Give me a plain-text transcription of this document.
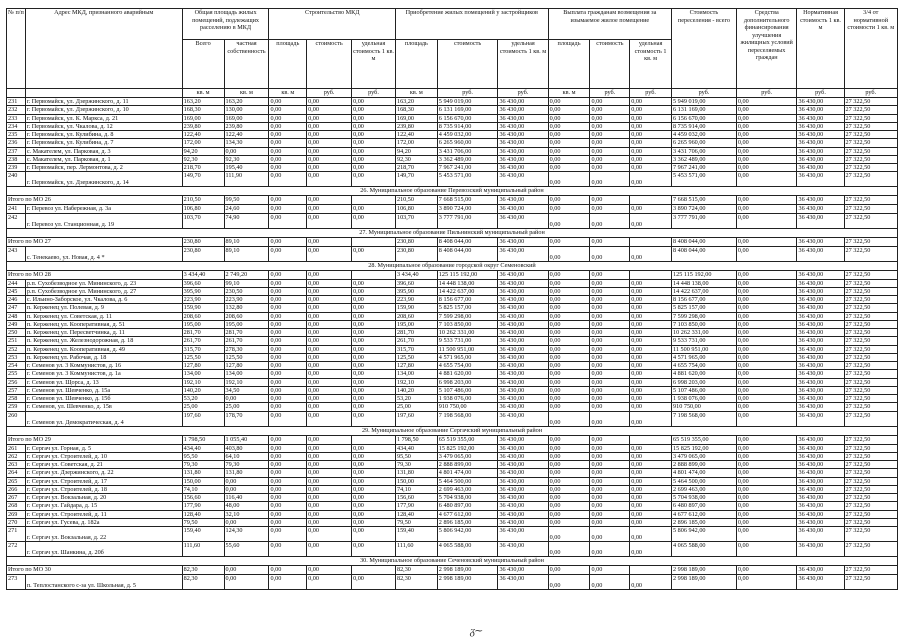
№ п/п	Адрес МКД, признанного аварийным	Общая площадь жилых помещений, подлежащих расселению в МКД		Строительство МКД			Приобретение жилых помещений у застройщиков			Выплата гражданам возмещения за изымаемое жилое помещение			Стоимость переселения - всего	Средства дополнительного финансирования улучшения жилищных условий переселяемых граждан	Нормативная стоимость 1 кв. м	3/4 от нормативной стоимости 1 кв. м
		Всего	частная собственность	площадь	стоимость	удельная стоимость 1 кв. м	площадь	стоимость	удельная стоимость 1 кв. м	площадь	стоимость	удельная стоимость 1 кв. м				
		кв. м	кв. м	кв. м	руб.	руб.	кв. м	руб.	руб.	кв. м	руб.	руб.	руб.	руб.	руб.	руб.
231	г. Первомайск, ул. Дзержинского, д. 11	163,20	163,20	0,00	0,00	0,00	163,20	5 949 019,00	36 430,00	0,00	0,00	0,00	5 949 019,00	0,00	36 430,00	27 322,50
232	г. Первомайск, ул. Дзержинского, д. 10	168,30	130,00	0,00	0,00	0,00	168,30	6 131 169,00	36 430,00	0,00	0,00	0,00	6 131 169,00	0,00	36 430,00	27 322,50
233	г. Первомайск, ул. К. Маркса, д. 21	169,00	169,00	0,00	0,00	0,00	169,00	6 156 670,00	36 430,00	0,00	0,00	0,00	6 156 670,00	0,00	36 430,00	27 322,50
234	г. Первомайск, ул. Чкалова, д. 12	239,80	239,80	0,00	0,00	0,00	239,80	8 735 914,00	36 430,00	0,00	0,00	0,00	8 735 914,00	0,00	36 430,00	27 322,50
235	г. Первомайск, ул. Кулибина, д. 8	122,40	122,40	0,00	0,00	0,00	122,40	4 459 032,00	36 430,00	0,00	0,00	0,00	4 459 032,00	0,00	36 430,00	27 322,50
236	г. Первомайск, ул. Кулибина, д. 7	172,00	134,30	0,00	0,00	0,00	172,00	6 265 960,00	36 430,00	0,00	0,00	0,00	6 265 960,00	0,00	36 430,00	27 322,50
237	с. Макателем, ул. Парковая, д. 3	94,20	0,00	0,00	0,00	0,00	94,20	3 431 706,00	36 430,00	0,00	0,00	0,00	3 431 706,00	0,00	36 430,00	27 322,50
238	с. Макателем, ул. Парковая, д. 1	92,30	92,30	0,00	0,00	0,00	92,30	3 362 489,00	36 430,00	0,00	0,00	0,00	3 362 489,00	0,00	36 430,00	27 322,50
239	г. Первомайск, пер. Лермонтова, д. 2	218,70	195,40	0,00	0,00	0,00	218,70	7 967 241,00	36 430,00	0,00	0,00	0,00	7 967 241,00	0,00	36 430,00	27 322,50
240	г. Первомайск, ул. Дзержинского, д. 14	149,70	111,90	0,00	0,00	0,00	149,70	5 453 571,00	36 430,00	0,00	0,00	0,00	5 453 571,00	0,00	36 430,00	27 322,50
26. Муниципальное образование Перевозский муниципальный район																
Итого по МО 26		210,50	99,50	0,00	0,00		210,50	7 668 515,00	36 430,00	0,00	0,00		7 668 515,00	0,00	36 430,00	27 322,50
241	г. Перевоз ул. Набережная, д. 3а	106,80	24,60	0,00	0,00	0,00	106,80	3 890 724,00	36 430,00	0,00	0,00	0,00	3 890 724,00	0,00	36 430,00	27 322,50
242	г. Перевоз ул. Станционная, д. 19	103,70	74,90	0,00	0,00	0,00	103,70	3 777 791,00	36 430,00	0,00	0,00	0,00	3 777 791,00	0,00	36 430,00	27 322,50
27. Муниципальное образование Пильнинский муниципальный район																
Итого по МО 27		230,80	89,10	0,00	0,00		230,80	8 408 044,00	36 430,00	0,00	0,00		8 408 044,00	0,00	36 430,00	27 322,50
243	с. Тенекаево, ул. Новая, д. 4 *	230,80	89,10	0,00	0,00	0,00	230,80	8 408 044,00	36 430,00	0,00	0,00	0,00	8 408 044,00	0,00	36 430,00	27 322,50
28. Муниципальное образование городской округ Семеновский																
Итого по МО 28		3 434,40	2 749,20	0,00	0,00		3 434,40	125 115 192,00	36 430,00	0,00	0,00		125 115 192,00	0,00	36 430,00	27 322,50
244	р.п. Сухобезводное ул. Мининского, д. 23	396,60	99,10	0,00	0,00	0,00	396,60	14 448 138,00	36 430,00	0,00	0,00	0,00	14 448 138,00	0,00	36 430,00	27 322,50
245	р.п. Сухобезводное ул. Мининского, д. 27	395,90	230,50	0,00	0,00	0,00	395,90	14 422 637,00	36 430,00	0,00	0,00	0,00	14 422 637,00	0,00	36 430,00	27 322,50
246	с. Ильино-Заборское, ул. Чкалова, д. 6	223,90	223,90	0,00	0,00	0,00	223,90	8 156 677,00	36 430,00	0,00	0,00	0,00	8 156 677,00	0,00	36 430,00	27 322,50
247	п. Керженец ул. Полевая, д. 9	159,90	132,80	0,00	0,00	0,00	159,90	5 825 157,00	36 430,00	0,00	0,00	0,00	5 825 157,00	0,00	36 430,00	27 322,50
248	п. Керженец ул. Советская, д. 11	208,60	208,60	0,00	0,00	0,00	208,60	7 599 298,00	36 430,00	0,00	0,00	0,00	7 599 298,00	0,00	36 430,00	27 322,50
249	п. Керженец ул. Кооперативная, д. 51	195,00	195,00	0,00	0,00	0,00	195,00	7 103 850,00	36 430,00	0,00	0,00	0,00	7 103 850,00	0,00	36 430,00	27 322,50
250	п. Керженец ул. Пересветчинка, д. 11	281,70	281,70	0,00	0,00	0,00	281,70	10 262 331,00	36 430,00	0,00	0,00	0,00	10 262 331,00	0,00	36 430,00	27 322,50
251	п. Керженец ул. Железнодорожная, д. 18	261,70	261,70	0,00	0,00	0,00	261,70	9 533 731,00	36 430,00	0,00	0,00	0,00	9 533 731,00	0,00	36 430,00	27 322,50
252	п. Керженец ул. Кооперативная, д. 49	315,70	278,30	0,00	0,00	0,00	315,70	11 500 951,00	36 430,00	0,00	0,00	0,00	11 500 951,00	0,00	36 430,00	27 322,50
253	п. Керженец ул. Рабочая, д. 18	125,50	125,50	0,00	0,00	0,00	125,50	4 571 965,00	36 430,00	0,00	0,00	0,00	4 571 965,00	0,00	36 430,00	27 322,50
254	г. Семенов ул. 3 Коммунистов, д. 16	127,80	127,80	0,00	0,00	0,00	127,80	4 655 754,00	36 430,00	0,00	0,00	0,00	4 655 754,00	0,00	36 430,00	27 322,50
255	г. Семенов ул. 3 Коммунистов, д. 1а	134,00	134,00	0,00	0,00	0,00	134,00	4 881 620,00	36 430,00	0,00	0,00	0,00	4 881 620,00	0,00	36 430,00	27 322,50
256	г. Семенов ул. Щорса, д. 13	192,10	192,10	0,00	0,00	0,00	192,10	6 998 203,00	36 430,00	0,00	0,00	0,00	6 998 203,00	0,00	36 430,00	27 322,50
257	г. Семенов ул. Шевченко, д. 15а	140,20	34,50	0,00	0,00	0,00	140,20	5 107 486,00	36 430,00	0,00	0,00	0,00	5 107 486,00	0,00	36 430,00	27 322,50
258	г. Семенов ул. Шевченко, д. 15б	53,20	0,00	0,00	0,00	0,00	53,20	1 938 076,00	36 430,00	0,00	0,00	0,00	1 938 076,00	0,00	36 430,00	27 322,50
259	г. Семенов, ул. Шевченко, д. 15в	25,00	25,00	0,00	0,00	0,00	25,00	910 750,00	36 430,00	0,00	0,00	0,00	910 750,00	0,00	36 430,00	27 322,50
260	г. Семенов ул. Демократическая, д. 4	197,60	178,70	0,00	0,00	0,00	197,60	7 198 568,00	36 430,00	0,00	0,00	0,00	7 198 568,00	0,00	36 430,00	27 322,50
29. Муниципальное образование Сергачский муниципальный район																
Итого по МО 29		1 798,50	1 055,40	0,00	0,00		1 798,50	65 519 355,00	36 430,00	0,00	0,00		65 519 355,00	0,00	36 430,00	27 322,50
261	г. Сергач ул. Горная, д. 5	434,40	403,80	0,00	0,00	0,00	434,40	15 825 192,00	36 430,00	0,00	0,00	0,00	15 825 192,00	0,00	36 430,00	27 322,50
262	г. Сергач ул. Строителей, д. 10	95,50	64,10	0,00	0,00	0,00	95,50	3 479 065,00	36 430,00	0,00	0,00	0,00	3 479 065,00	0,00	36 430,00	27 322,50
263	г. Сергач ул. Советская, д. 21	79,30	79,30	0,00	0,00	0,00	79,30	2 888 899,00	36 430,00	0,00	0,00	0,00	2 888 899,00	0,00	36 430,00	27 322,50
264	г. Сергач ул. Дзержинского, д. 22	131,80	131,80	0,00	0,00	0,00	131,80	4 801 474,00	36 430,00	0,00	0,00	0,00	4 801 474,00	0,00	36 430,00	27 322,50
265	г. Сергач ул. Строителей, д. 17	150,00	0,00	0,00	0,00	0,00	150,00	5 464 500,00	36 430,00	0,00	0,00	0,00	5 464 500,00	0,00	36 430,00	27 322,50
266	г. Сергач ул. Строителей, д. 18	74,10	0,00	0,00	0,00	0,00	74,10	2 699 463,00	36 430,00	0,00	0,00	0,00	2 699 463,00	0,00	36 430,00	27 322,50
267	г. Сергач ул. Вокзальная, д. 20	156,60	116,40	0,00	0,00	0,00	156,60	5 704 938,00	36 430,00	0,00	0,00	0,00	5 704 938,00	0,00	36 430,00	27 322,50
268	г. Сергач ул. Гайдара, д. 15	177,90	48,00	0,00	0,00	0,00	177,90	6 480 897,00	36 430,00	0,00	0,00	0,00	6 480 897,00	0,00	36 430,00	27 322,50
269	г. Сергач ул. Строителей, д. 11	128,40	32,10	0,00	0,00	0,00	128,40	4 677 612,00	36 430,00	0,00	0,00	0,00	4 677 612,00	0,00	36 430,00	27 322,50
270	г. Сергач ул. Гусева, д. 182а	79,50	0,00	0,00	0,00	0,00	79,50	2 896 185,00	36 430,00	0,00	0,00	0,00	2 896 185,00	0,00	36 430,00	27 322,50
271	г. Сергач ул. Вокзальная, д. 22	159,40	124,30	0,00	0,00	0,00	159,40	5 806 942,00	36 430,00	0,00	0,00	0,00	5 806 942,00	0,00	36 430,00	27 322,50
272	г. Сергач ул. Шанкина, д. 20б	111,60	55,60	0,00	0,00	0,00	111,60	4 065 588,00	36 430,00	0,00	0,00	0,00	4 065 588,00	0,00	36 430,00	27 322,50
30. Муниципальное образование Сеченовский муниципальный район																
Итого по МО 30		82,30	0,00	0,00	0,00		82,30	2 998 189,00	36 430,00	0,00	0,00		2 998 189,00	0,00	36 430,00	27 322,50
273	п. Теплостанского с-за ул. Школьная, д. 5	82,30	0,00	0,00	0,00	0,00	82,30	2 998 189,00	36 430,00	0,00	0,00	0,00	2 998 189,00	0,00	36 430,00	27 322,50
ᵹ~
